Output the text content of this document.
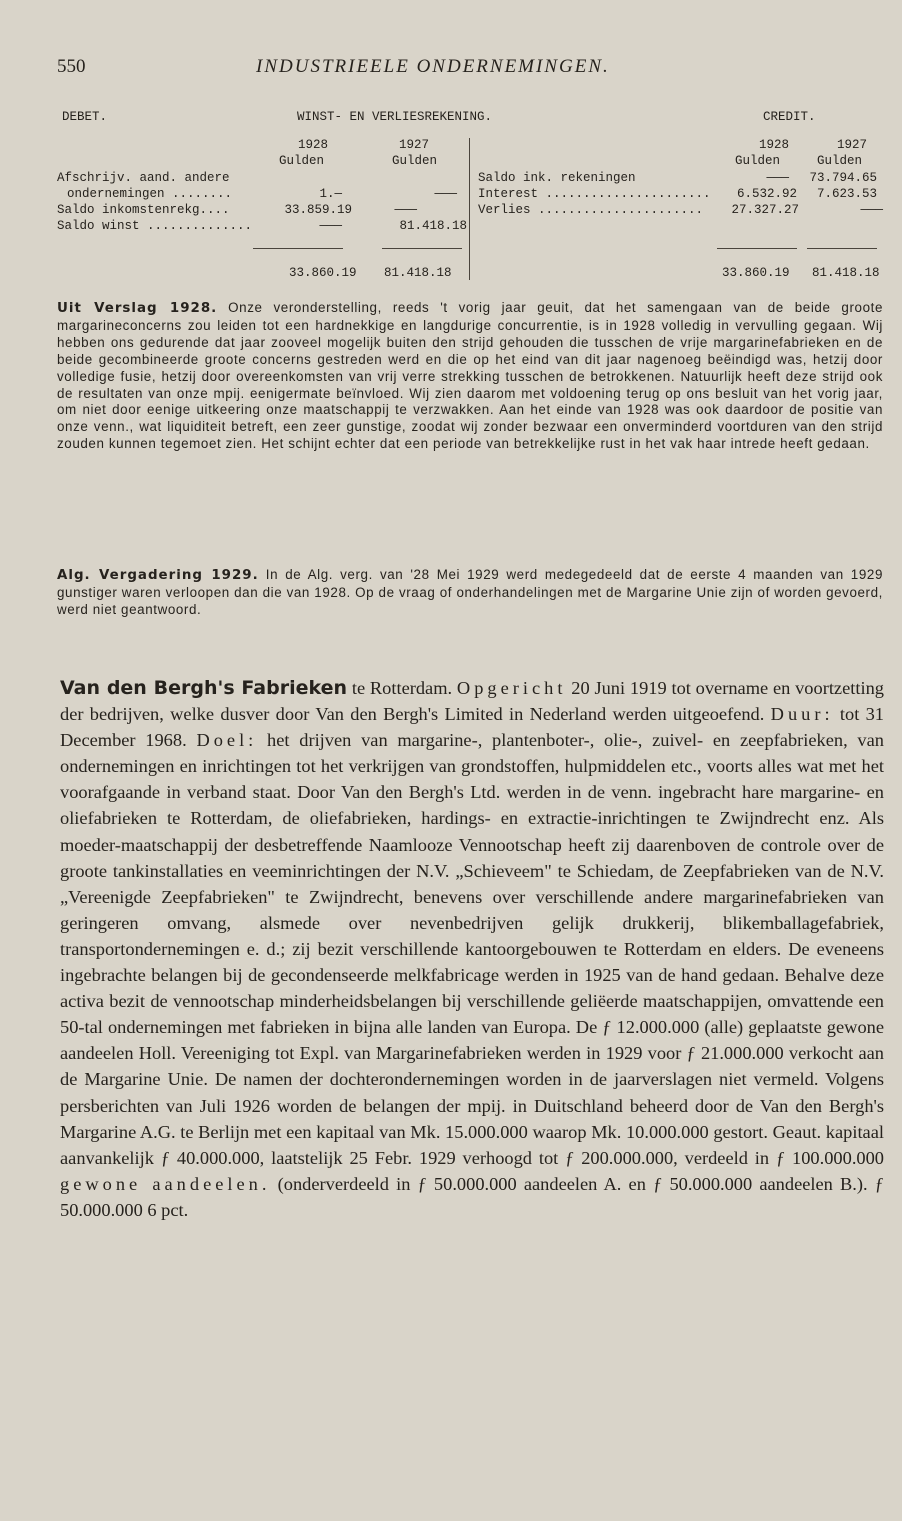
550	INDUSTRIEELE ONDERNEMINGEN.
DEBET.	WINST- EN VERLIESREKENING.	CREDIT.
1928	1927
Gulden	Gulden
1928	1927
Gulden	Gulden
Afschrijv. aand. andere
ondernemingen ........	1.—	———
Saldo inkomstenrekg....	33.859.19	———
Saldo winst ..............	———	81.418.18
33.860.19 81.418.18
Saldo ink. rekeningen	———	73.794.65
Interest ......................	6.532.92	7.623.53
Verlies ......................	27.327.27	———
33.860.19 81.418.18

Uit Verslag 1928. Onze veronderstelling, reeds 't vorig jaar geuit, dat het samengaan van de beide groote margarineconcerns zou leiden tot een hardnekkige en langdurige concurrentie, is in 1928 volledig in vervulling gegaan. Wij hebben ons gedurende dat jaar zooveel mogelijk buiten den strijd gehouden die tusschen de vrije margarinefabrieken en de beide gecombineerde groote concerns gestreden werd en die op het eind van dit jaar nagenoeg beëindigd was, hetzij door volledige fusie, hetzij door overeenkomsten van vrij verre strekking tusschen de betrokkenen. Natuurlijk heeft deze strijd ook de resultaten van onze mpij. eenigermate beïnvloed. Wij zien daarom met voldoening terug op ons besluit van het vorig jaar, om niet door eenige uitkeering onze maatschappij te verzwakken. Aan het einde van 1928 was ook daardoor de positie van onze venn., wat liquiditeit betreft, een zeer gunstige, zoodat wij zonder bezwaar een onverminderd voortduren van den strijd zouden kunnen tegemoet zien. Het schijnt echter dat een periode van betrekkelijke rust in het vak haar intrede heeft gedaan.

Alg. Vergadering 1929. In de Alg. verg. van '28 Mei 1929 werd medegedeeld dat de eerste 4 maanden van 1929 gunstiger waren verloopen dan die van 1928. Op de vraag of onderhandelingen met de Margarine Unie zijn of worden gevoerd, werd niet geantwoord.
Van den Bergh's Fabrieken te Rotterdam. Opgericht 20 Juni 1919 tot overname en voortzetting der bedrijven, welke dusver door Van den Bergh's Limited in Nederland werden uitgeoefend. Duur: tot 31 December 1968. Doel: het drijven van margarine-, plantenboter-, olie-, zuivel- en zeepfabrieken, van ondernemingen en inrichtingen tot het verkrijgen van grondstoffen, hulpmiddelen etc., voorts alles wat met het voorafgaande in verband staat. Door Van den Bergh's Ltd. werden in de venn. ingebracht hare margarine- en oliefabrieken te Rotterdam, de oliefabrieken, hardings- en extractie-inrichtingen te Zwijndrecht enz. Als moeder-maatschappij der desbetreffende Naamlooze Vennootschap heeft zij daarenboven de controle over de groote tankinstallaties en veeminrichtingen der N.V. „Schieveem" te Schiedam, de Zeepfabrieken van de N.V. „Vereenigde Zeepfabrieken" te Zwijndrecht, benevens over verschillende andere margarinefabrieken van geringeren omvang, alsmede over nevenbedrijven gelijk drukkerij, blikemballagefabriek, transportondernemingen e. d.; zij bezit verschillende kantoorgebouwen te Rotterdam en elders. De eveneens ingebrachte belangen bij de gecondenseerde melkfabricage werden in 1925 van de hand gedaan. Behalve deze activa bezit de vennootschap minderheidsbelangen bij verschillende geliëerde maatschappijen, omvattende een 50-tal ondernemingen met fabrieken in bijna alle landen van Europa. De ƒ 12.000.000 (alle) geplaatste gewone aandeelen Holl. Vereeniging tot Expl. van Margarinefabrieken werden in 1929 voor ƒ 21.000.000 verkocht aan de Margarine Unie. De namen der dochterondernemingen worden in de jaarverslagen niet vermeld. Volgens persberichten van Juli 1926 worden de belangen der mpij. in Duitschland beheerd door de Van den Bergh's Margarine A.G. te Berlijn met een kapitaal van Mk. 15.000.000 waarop Mk. 10.000.000 gestort. Geaut. kapitaal aanvankelijk ƒ 40.000.000, laatstelijk 25 Febr. 1929 verhoogd tot ƒ 200.000.000, verdeeld in ƒ 100.000.000 gewone aandeelen. (onderverdeeld in ƒ 50.000.000 aandeelen A. en ƒ 50.000.000 aandeelen B.). ƒ 50.000.000 6 pct.
